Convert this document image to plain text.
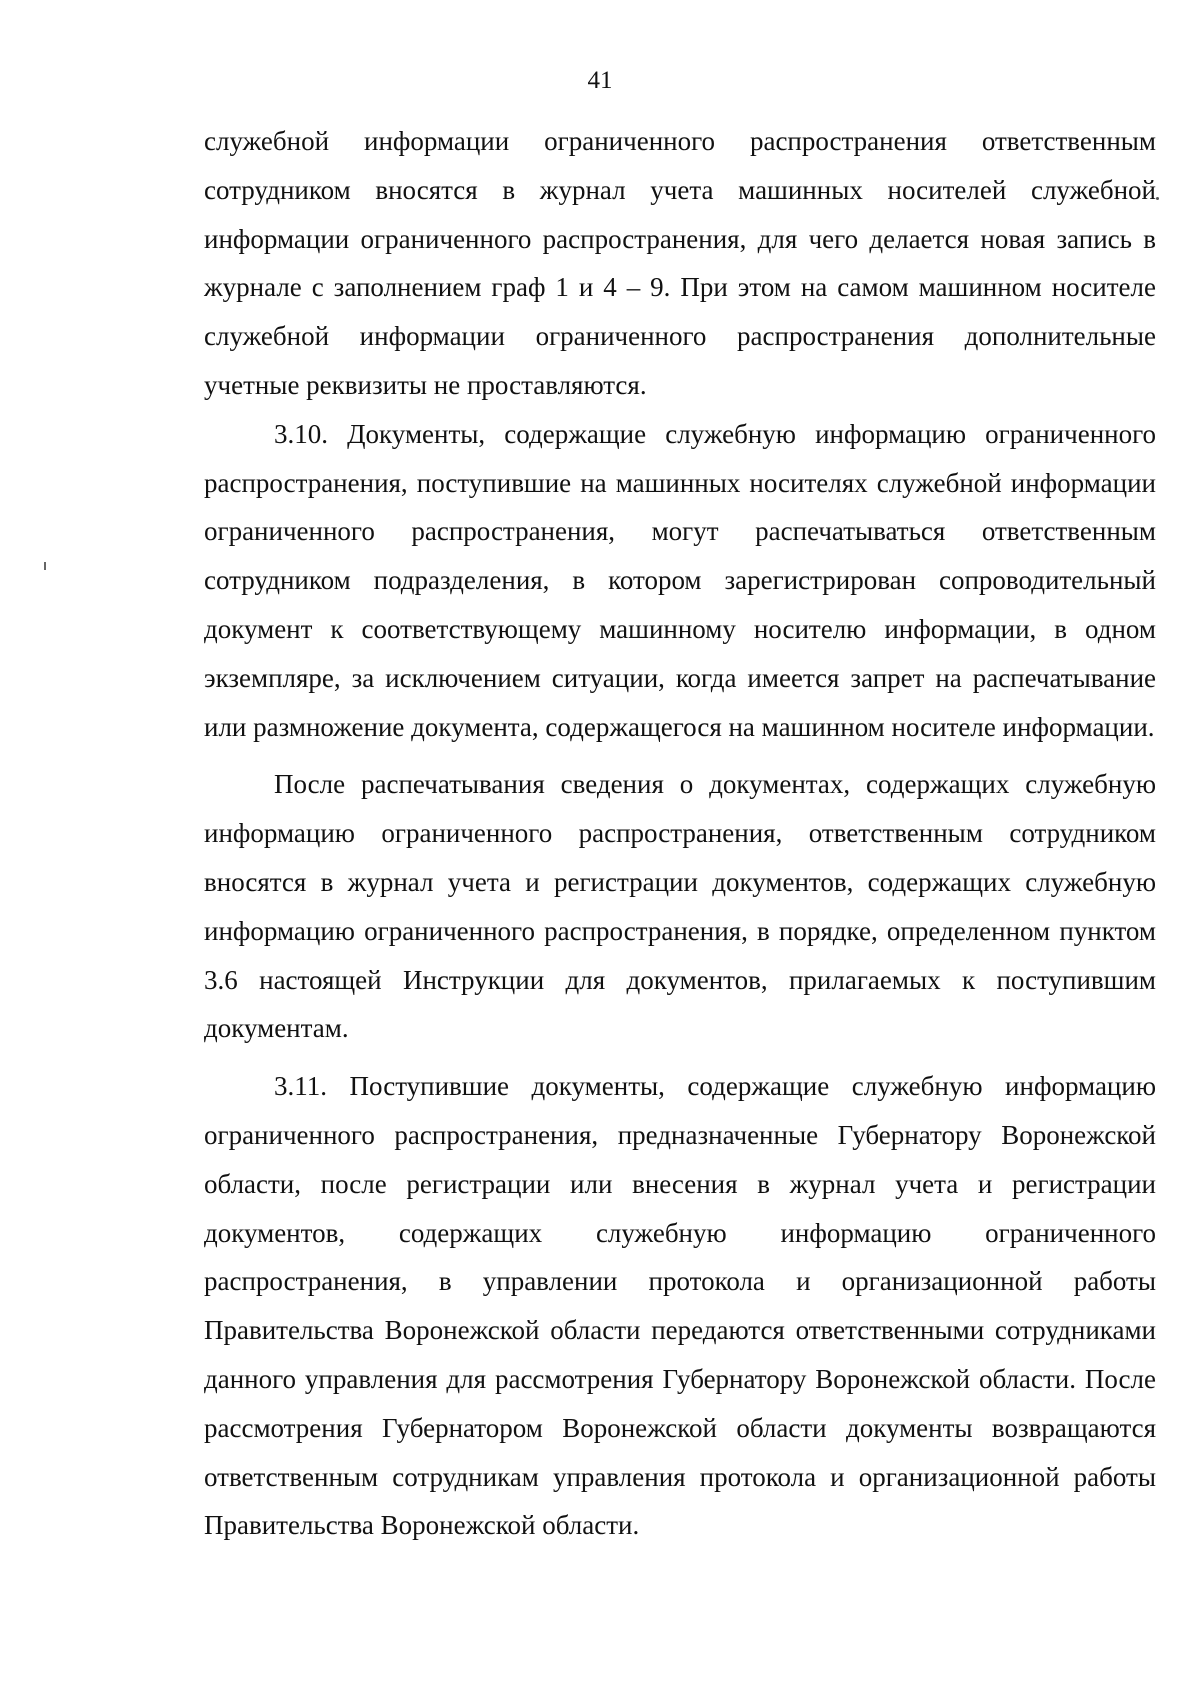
41

служебной информации ограниченного распространения ответственным сотрудником вносятся в журнал учета машинных носителей служебной информации ограниченного распространения, для чего делается новая запись в журнале с заполнением граф 1 и 4 – 9. При этом на самом машинном носителе служебной информации ограниченного распространения дополнительные учетные реквизиты не проставляются.

3.10. Документы, содержащие служебную информацию ограниченного распространения, поступившие на машинных носителях служебной информации ограниченного распространения, могут распечатываться ответственным сотрудником подразделения, в котором зарегистрирован сопроводительный документ к соответствующему машинному носителю информации, в одном экземпляре, за исключением ситуации, когда имеется запрет на распечатывание или размножение документа, содержащегося на машинном носителе информации.

После распечатывания сведения о документах, содержащих служебную информацию ограниченного распространения, ответственным сотрудником вносятся в журнал учета и регистрации документов, содержащих служебную информацию ограниченного распространения, в порядке, определенном пунктом 3.6 настоящей Инструкции для документов, прилагаемых к поступившим документам.

3.11. Поступившие документы, содержащие служебную информацию ограниченного распространения, предназначенные Губернатору Воронежской области, после регистрации или внесения в журнал учета и регистрации документов, содержащих служебную информацию ограниченного распространения, в управлении протокола и организационной работы Правительства Воронежской области передаются ответственными сотрудниками данного управления для рассмотрения Губернатору Воронежской области. После рассмотрения Губернатором Воронежской области документы возвращаются ответственным сотрудникам управления протокола и организационной работы Правительства Воронежской области.
